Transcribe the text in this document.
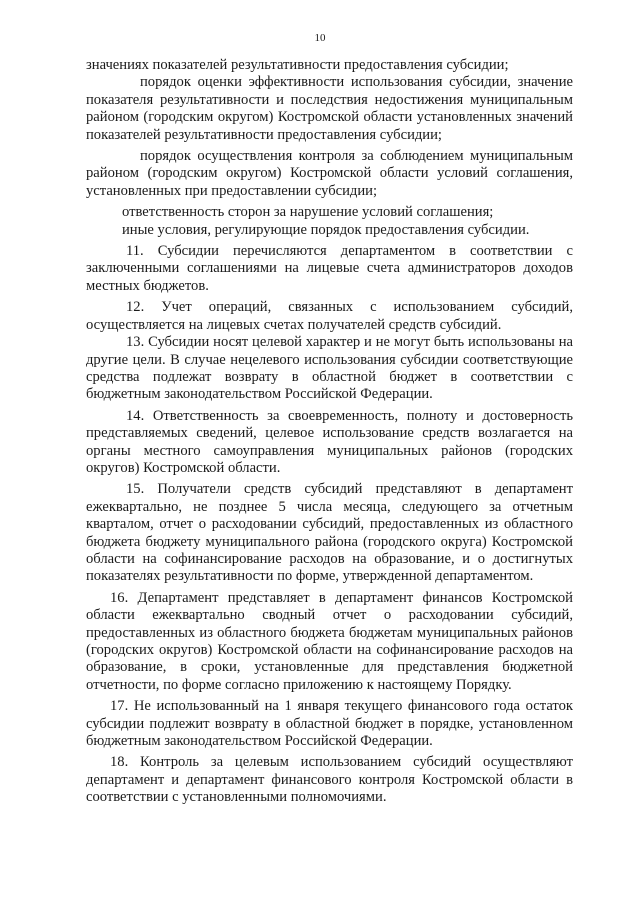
10

значениях показателей результативности предоставления субсидии;

порядок оценки эффективности использования субсидии, значение показателя результативности и последствия недостижения муниципальным районом (городским округом) Костромской области установленных значений показателей результативности предоставления субсидии;

порядок осуществления контроля за соблюдением муниципальным районом (городским округом) Костромской области условий соглашения, установленных при предоставлении субсидии;

ответственность сторон за нарушение условий соглашения;

иные условия, регулирующие порядок предоставления субсидии.

11. Субсидии перечисляются департаментом в соответствии с заключенными соглашениями на лицевые счета администраторов доходов местных бюджетов.

12. Учет операций, связанных с использованием субсидий, осуществляется на лицевых счетах получателей средств субсидий.

13. Субсидии носят целевой характер и не могут быть использованы на другие цели. В случае нецелевого использования субсидии соответствующие средства подлежат возврату в областной бюджет в соответствии с бюджетным законодательством Российской Федерации.

14. Ответственность за своевременность, полноту и достоверность представляемых сведений, целевое использование средств возлагается на органы местного самоуправления муниципальных районов (городских округов) Костромской области.

15. Получатели средств субсидий представляют в департамент ежеквартально, не позднее 5 числа месяца, следующего за отчетным кварталом, отчет о расходовании субсидий, предоставленных из областного бюджета бюджету муниципального района (городского округа) Костромской области на софинансирование расходов на образование, и о достигнутых показателях результативности по форме, утвержденной департаментом.

16. Департамент представляет в департамент финансов Костромской области ежеквартально сводный отчет о расходовании субсидий, предоставленных из областного бюджета бюджетам муниципальных районов (городских округов) Костромской области на софинансирование расходов на образование, в сроки, установленные для представления бюджетной отчетности, по форме согласно приложению к настоящему Порядку.

17. Не использованный на 1 января текущего финансового года остаток субсидии подлежит возврату в областной бюджет в порядке, установленном бюджетным законодательством Российской Федерации.

18. Контроль за целевым использованием субсидий осуществляют департамент и департамент финансового контроля Костромской области в соответствии с установленными полномочиями.
